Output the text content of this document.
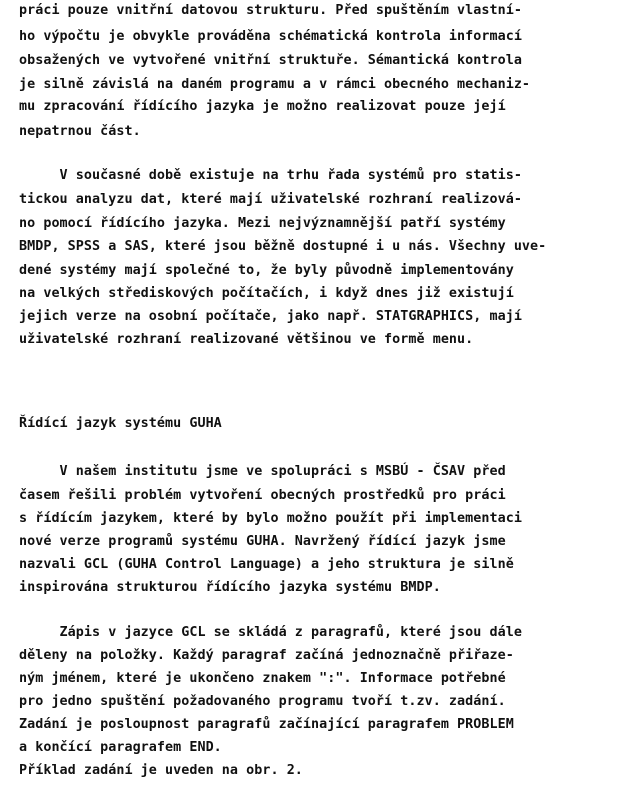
práci pouze vnitřní datovou strukturu. Před spuštěním vlastní-
ho výpočtu je obvykle prováděna schématická kontrola informací
obsažených ve vytvořené vnitřní struktuře. Sémantická kontrola
je silně závislá na daném programu a v rámci obecného mechaniz-
mu zpracování řídícího jazyka je možno realizovat pouze její
nepatrnou část.
V současné době existuje na trhu řada systémů pro statis-
tickou analyzu dat, které mají uživatelské rozhraní realizová-
no pomocí řídícího jazyka. Mezi nejvýznamnější patří systémy
BMDP, SPSS a SAS, které jsou běžně dostupné i u nás. Všechny uve-
dené systémy mají společné to, že byly původně implementovány
na velkých střediskových počítačích, i když dnes již existují
jejich verze na osobní počítače, jako např. STATGRAPHICS, mají
uživatelské rozhraní realizované většinou ve formě menu.
Řídící jazyk systému GUHA
V našem institutu jsme ve spolupráci s MSBÚ - ČSAV před
časem řešili problém vytvoření obecných prostředků pro práci
s řídícím jazykem, které by bylo možno použít při implementaci
nové verze programů systému GUHA. Navržený řídící jazyk jsme
nazvali GCL (GUHA Control Language) a jeho struktura je silně
inspirována strukturou řídícího jazyka systému BMDP.
Zápis v jazyce GCL se skládá z paragrafů, které jsou dále
děleny na položky. Každý paragraf začíná jednoznačně přiřaze-
ným jménem, které je ukončeno znakem ":". Informace potřebné
pro jedno spuštění požadovaného programu tvoří t.zv. zadání.
Zadání je posloupnost paragrafů začínající paragrafem PROBLEM
a končící paragrafem END.
Příklad zadání je uveden na obr. 2.
